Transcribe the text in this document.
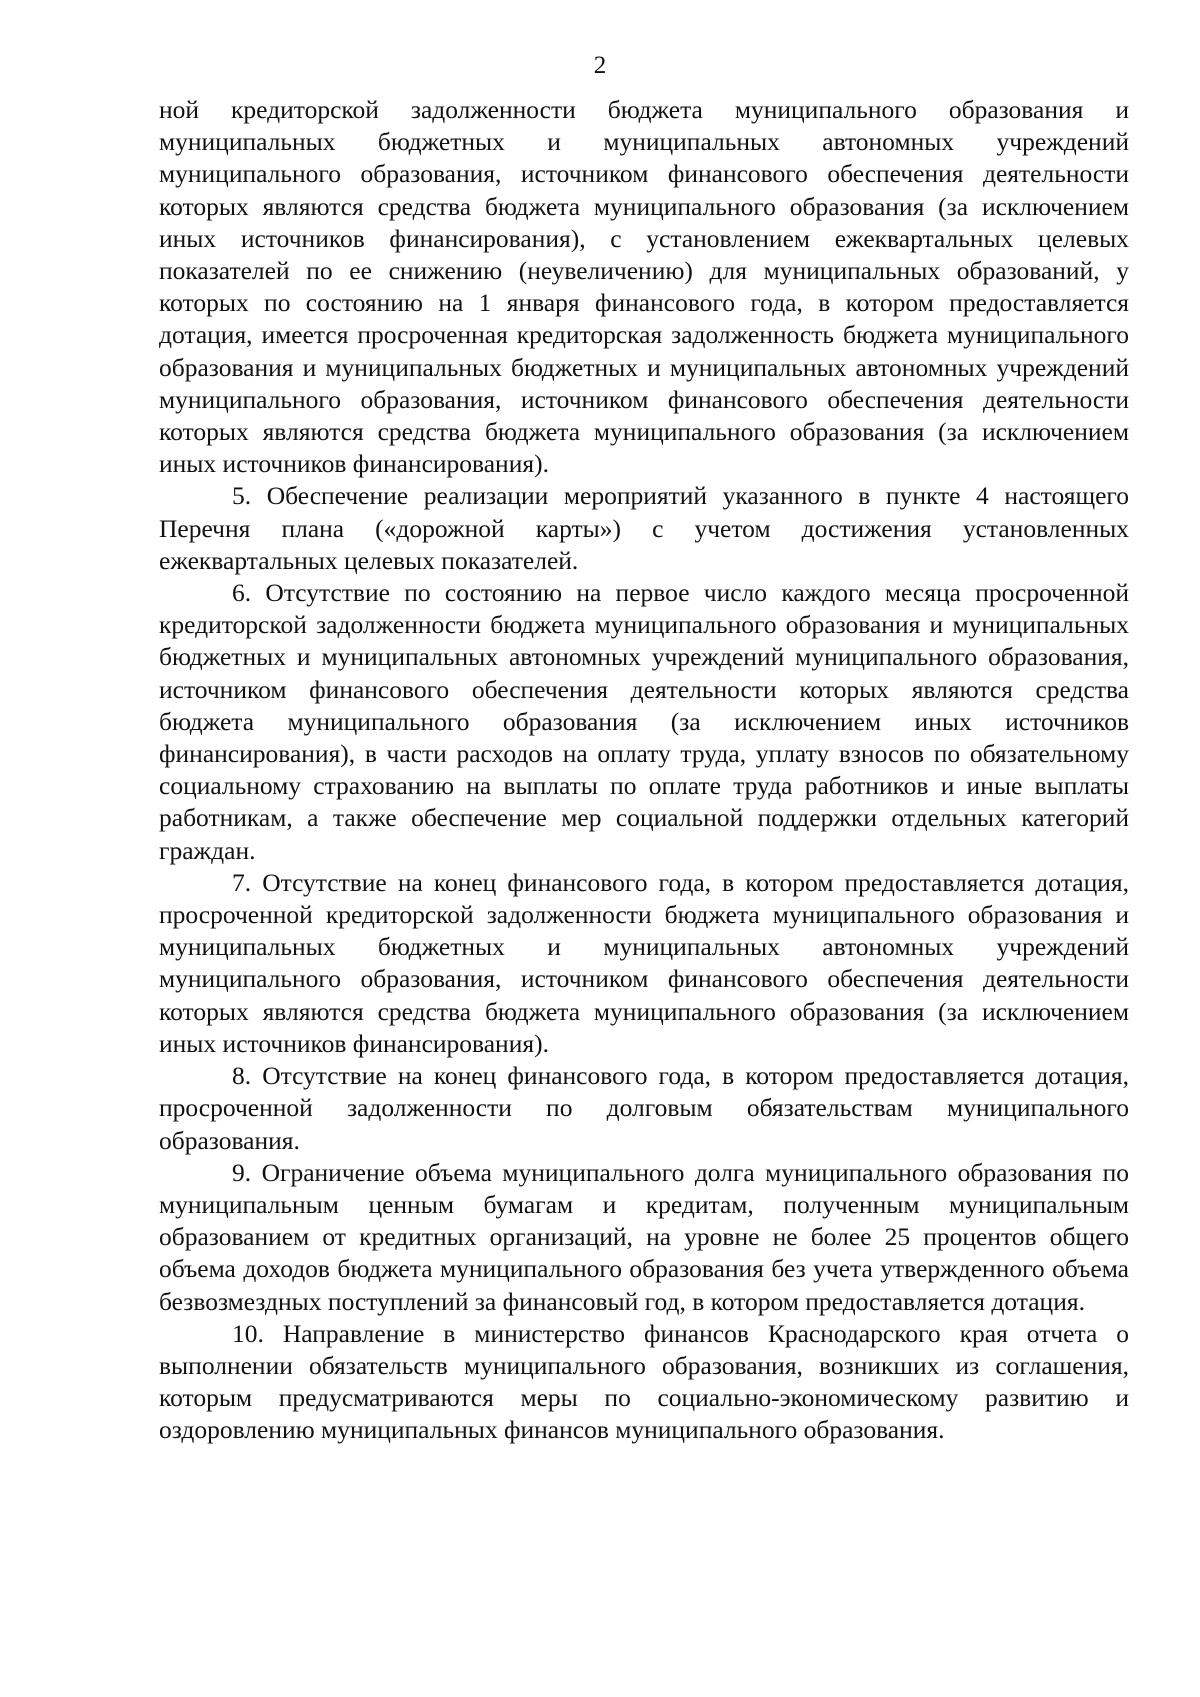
2

ной кредиторской задолженности бюджета муниципального образования и муниципальных бюджетных и муниципальных автономных учреждений муниципального образования, источником финансового обеспечения деятельности которых являются средства бюджета муниципального образования (за исключением иных источников финансирования), с установлением ежеквартальных целевых показателей по ее снижению (неувеличению) для муниципальных образований, у которых по состоянию на 1 января финансового года, в котором предоставляется дотация, имеется просроченная кредиторская задолженность бюджета муниципального образования и муниципальных бюджетных и муниципальных автономных учреждений муниципального образования, источником финансового обеспечения деятельности которых являются средства бюджета муниципального образования (за исключением иных источников финансирования).

5. Обеспечение реализации мероприятий указанного в пункте 4 настоящего Перечня плана («дорожной карты») с учетом достижения установленных ежеквартальных целевых показателей.

6. Отсутствие по состоянию на первое число каждого месяца просроченной кредиторской задолженности бюджета муниципального образования и муниципальных бюджетных и муниципальных автономных учреждений муниципального образования, источником финансового обеспечения деятельности которых являются средства бюджета муниципального образования (за исключением иных источников финансирования), в части расходов на оплату труда, уплату взносов по обязательному социальному страхованию на выплаты по оплате труда работников и иные выплаты работникам, а также обеспечение мер социальной поддержки отдельных категорий граждан.

7. Отсутствие на конец финансового года, в котором предоставляется дотация, просроченной кредиторской задолженности бюджета муниципального образования и муниципальных бюджетных и муниципальных автономных учреждений муниципального образования, источником финансового обеспечения деятельности которых являются средства бюджета муниципального образования (за исключением иных источников финансирования).

8. Отсутствие на конец финансового года, в котором предоставляется дотация, просроченной задолженности по долговым обязательствам муниципального образования.

9. Ограничение объема муниципального долга муниципального образования по муниципальным ценным бумагам и кредитам, полученным муниципальным образованием от кредитных организаций, на уровне не более 25 процентов общего объема доходов бюджета муниципального образования без учета утвержденного объема безвозмездных поступлений за финансовый год, в котором предоставляется дотация.

10. Направление в министерство финансов Краснодарского края отчета о выполнении обязательств муниципального образования, возникших из соглашения, которым предусматриваются меры по социально-экономическому развитию и оздоровлению муниципальных финансов муниципального образования.
